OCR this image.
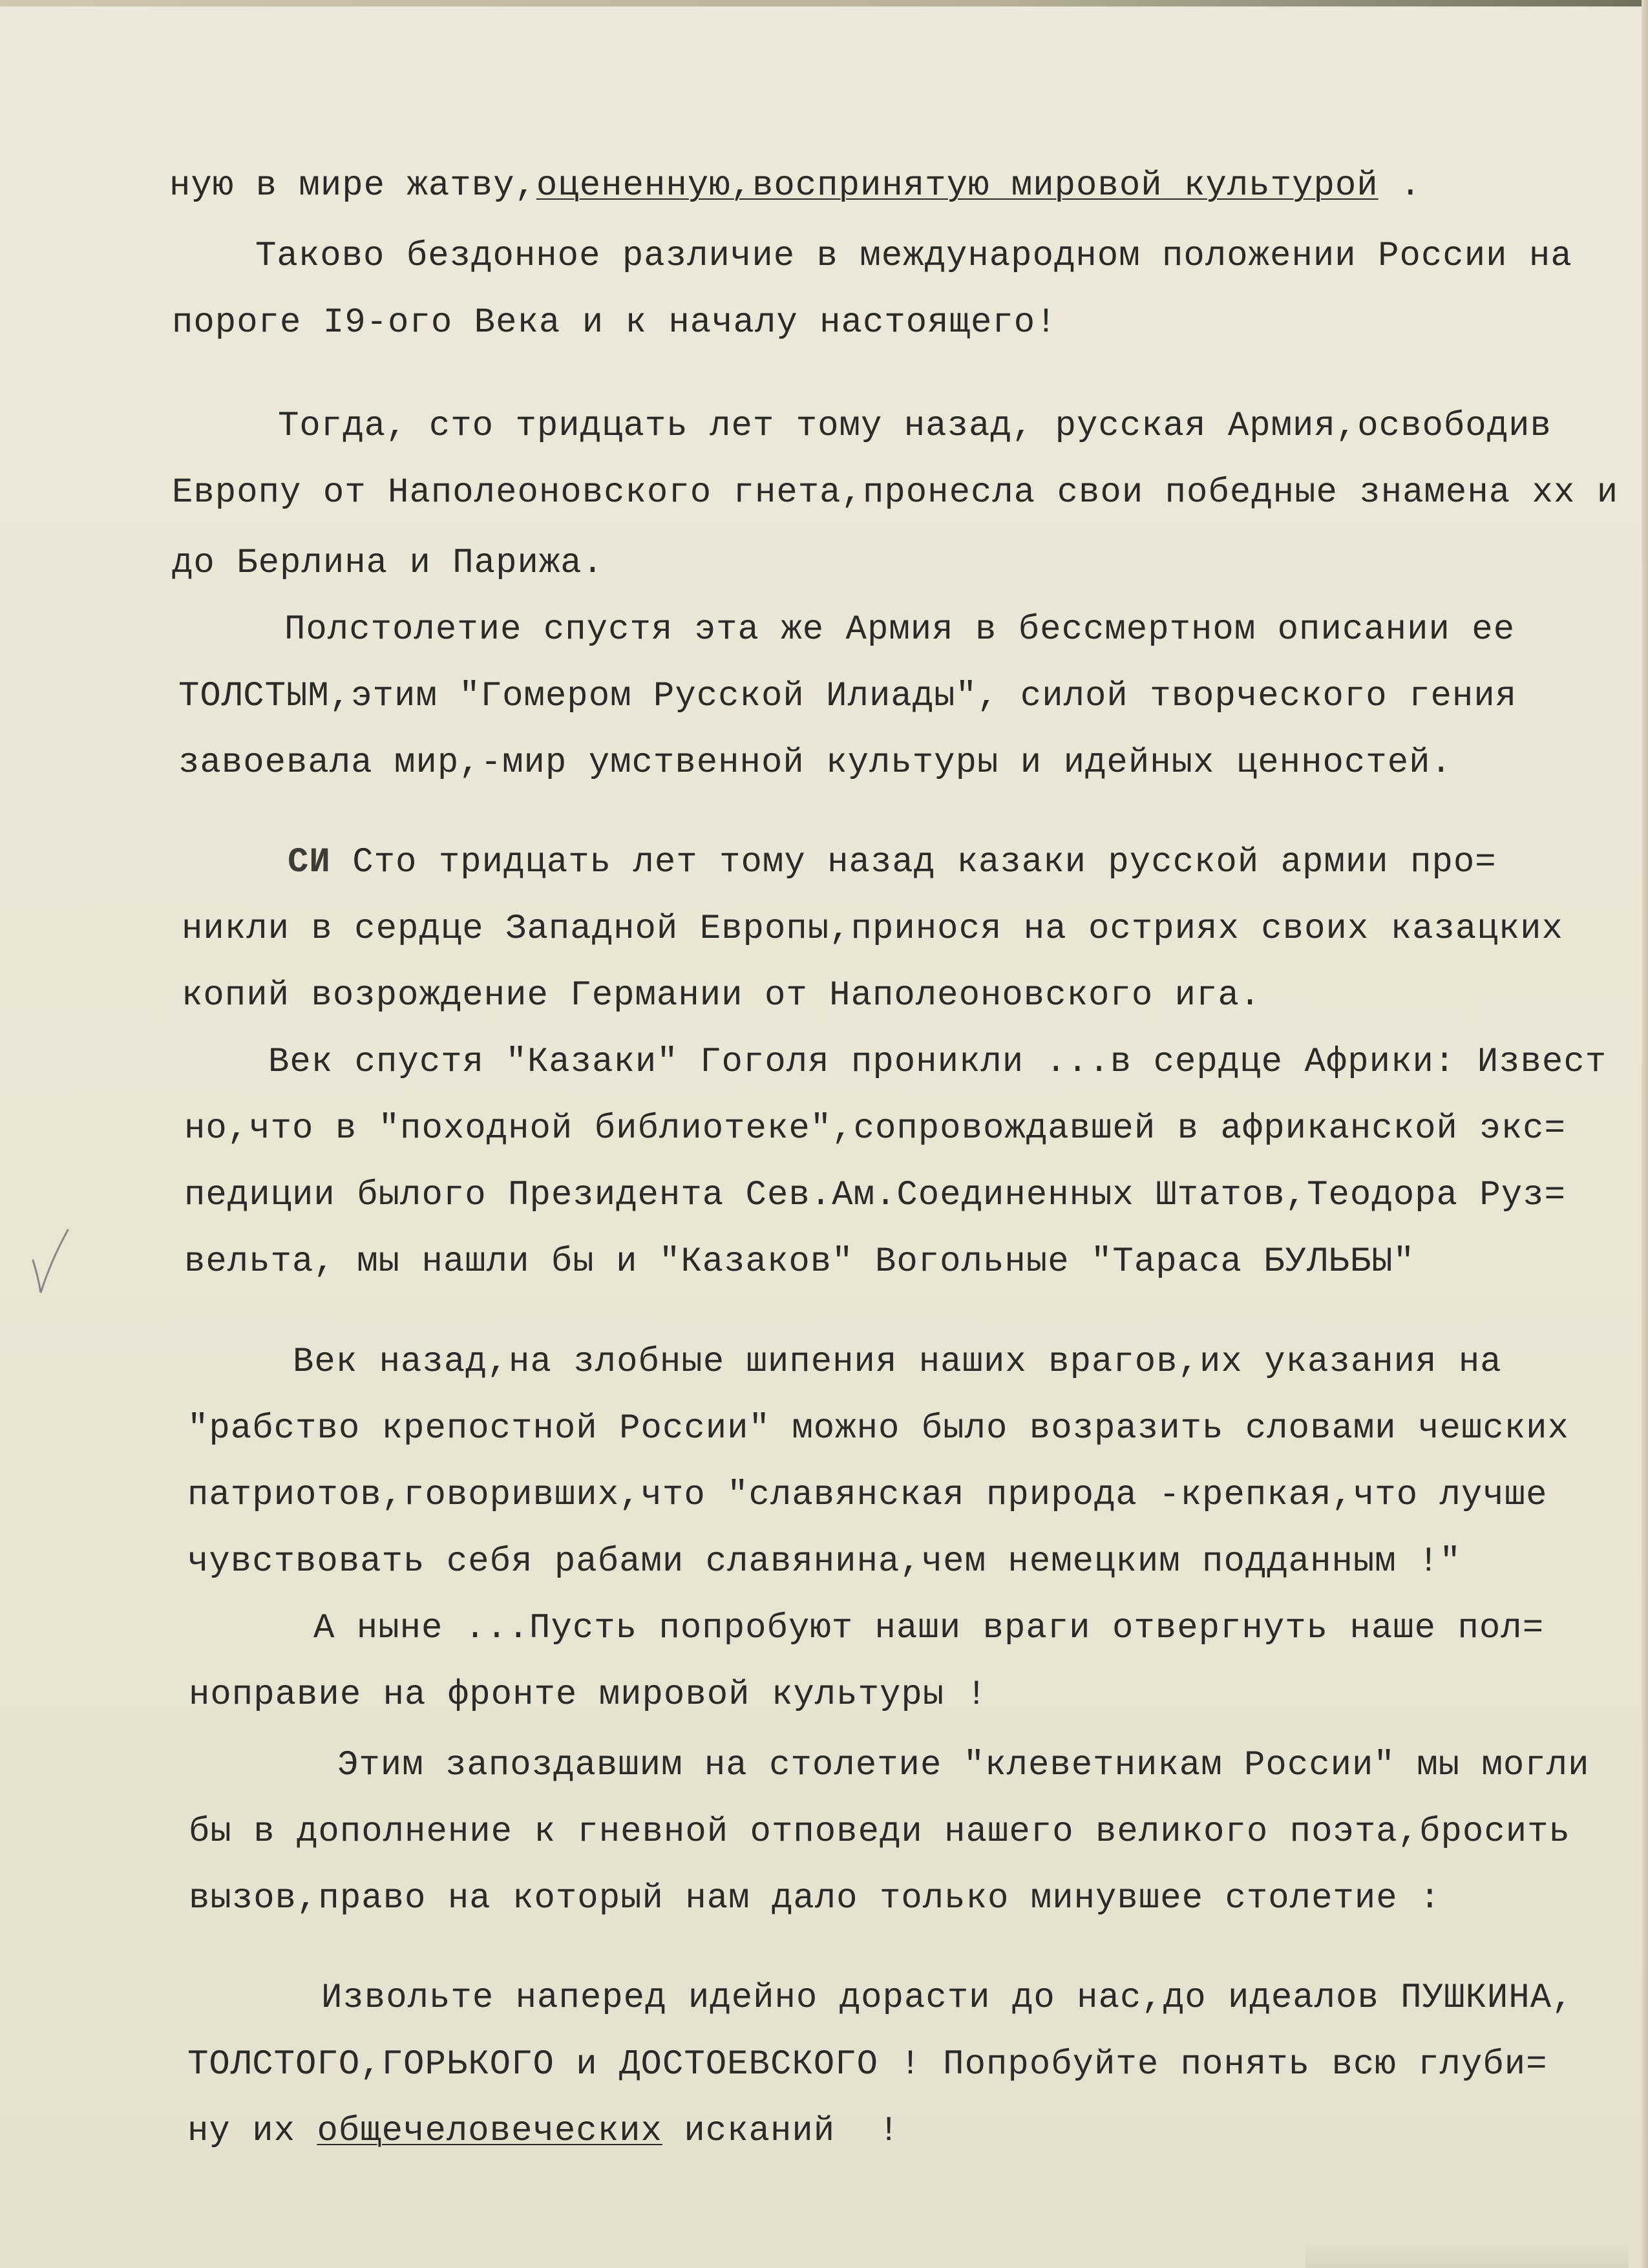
ную в мире жатву,оцененную,воспринятую мировой культурой .
Таково бездонное различие в международном положении России на
пороге I9-ого Века и к началу настоящего!
Тогда, сто тридцать лет тому назад, русская Армия,освободив
Европу от Наполеоновского гнета,пронесла свои победные знамена xx и
до Берлина и Парижа.
Полстолетие спустя эта же Армия в бессмертном описании ее
ТОЛСТЫМ,этим "Гомером Русской Илиады", силой творческого гения
завоевала мир,-мир умственной культуры и идейных ценностей.
СИ Сто тридцать лет тому назад казаки русской армии про=
никли в сердце Западной Европы,принося на остриях своих казацких
копий возрождение Германии от Наполеоновского ига.
Век спустя "Казаки" Гоголя проникли ...в сердце Африки: Извест
но,что в "походной библиотеке",сопровождавшей в африканской экс=
педиции былого Президента Сев.Ам.Соединенных Штатов,Теодора Руз=
вельта, мы нашли бы и "Казаков" Вогольные "Тараса БУЛЬБЫ"
Век назад,на злобные шипения наших врагов,их указания на
"рабство крепостной России" можно было возразить словами чешских
патриотов,говоривших,что "славянская природа -крепкая,что лучше
чувствовать себя рабами славянина,чем немецким подданным !"
А ныне ...Пусть попробуют наши враги отвергнуть наше пол=
ноправие на фронте мировой культуры !
Этим запоздавшим на столетие "клеветникам России" мы могли
бы в дополнение к гневной отповеди нашего великого поэта,бросить
вызов,право на который нам дало только минувшее столетие :
Извольте наперед идейно дорасти до нас,до идеалов ПУШКИНА,
ТОЛСТОГО,ГОРЬКОГО и ДОСТОЕВСКОГО ! Попробуйте понять всю глуби=
ну их общечеловеческих исканий  !
